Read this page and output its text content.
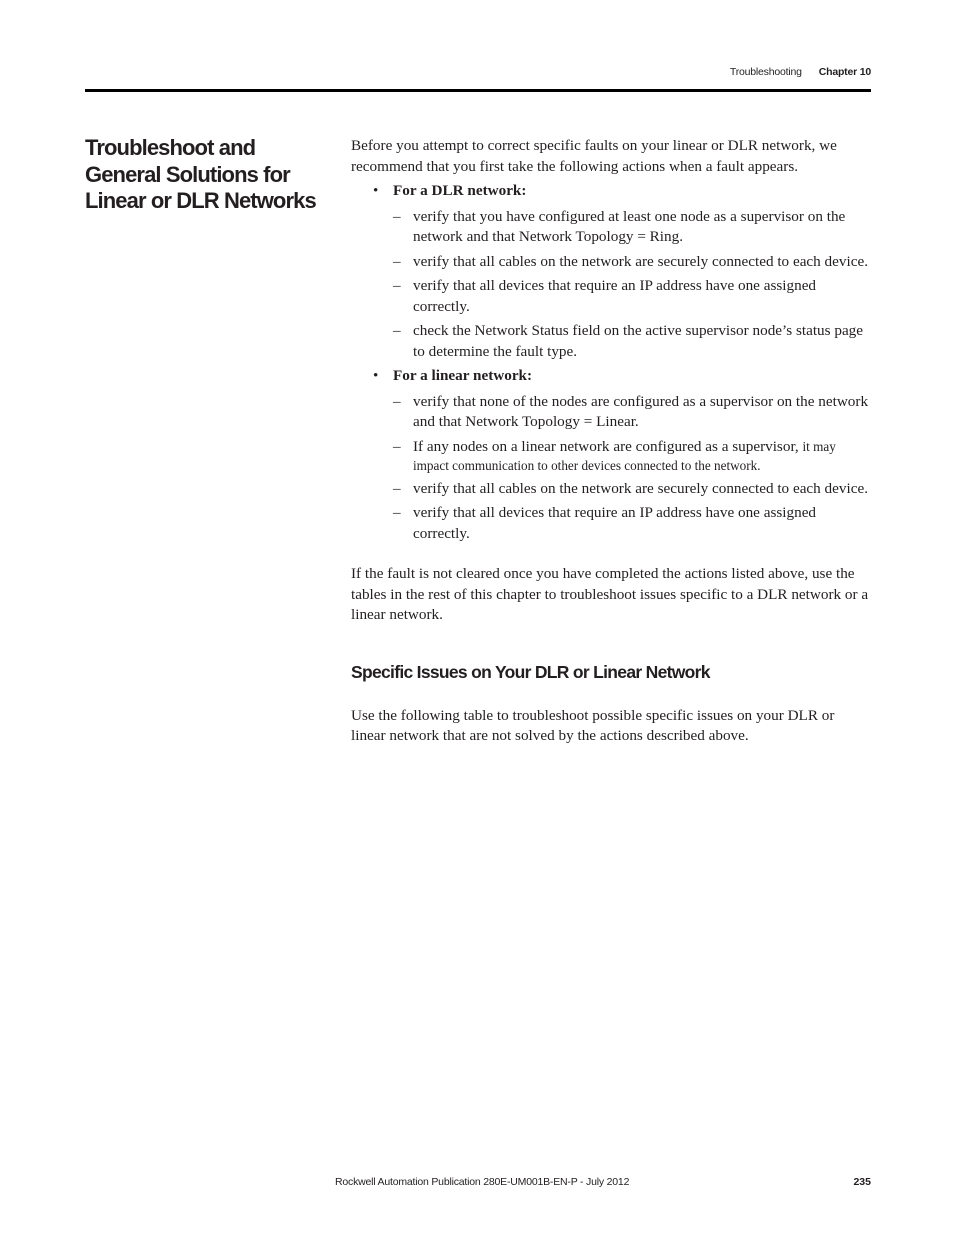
Troubleshooting Chapter 10
Troubleshoot and General Solutions for Linear or DLR Networks

Before you attempt to correct specific faults on your linear or DLR network, we recommend that you first take the following actions when a fault appears.

• For a DLR network:
– verify that you have configured at least one node as a supervisor on the network and that Network Topology = Ring.
– verify that all cables on the network are securely connected to each device.
– verify that all devices that require an IP address have one assigned correctly.
– check the Network Status field on the active supervisor node’s status page to determine the fault type.
• For a linear network:
– verify that none of the nodes are configured as a supervisor on the network and that Network Topology = Linear.
– If any nodes on a linear network are configured as a supervisor, it may impact communication to other devices connected to the network.
– verify that all cables on the network are securely connected to each device.
– verify that all devices that require an IP address have one assigned correctly.

If the fault is not cleared once you have completed the actions listed above, use the tables in the rest of this chapter to troubleshoot issues specific to a DLR network or a linear network.

Specific Issues on Your DLR or Linear Network

Use the following table to troubleshoot possible specific issues on your DLR or linear network that are not solved by the actions described above.

Rockwell Automation Publication 280E-UM001B-EN-P - July 2012	235
